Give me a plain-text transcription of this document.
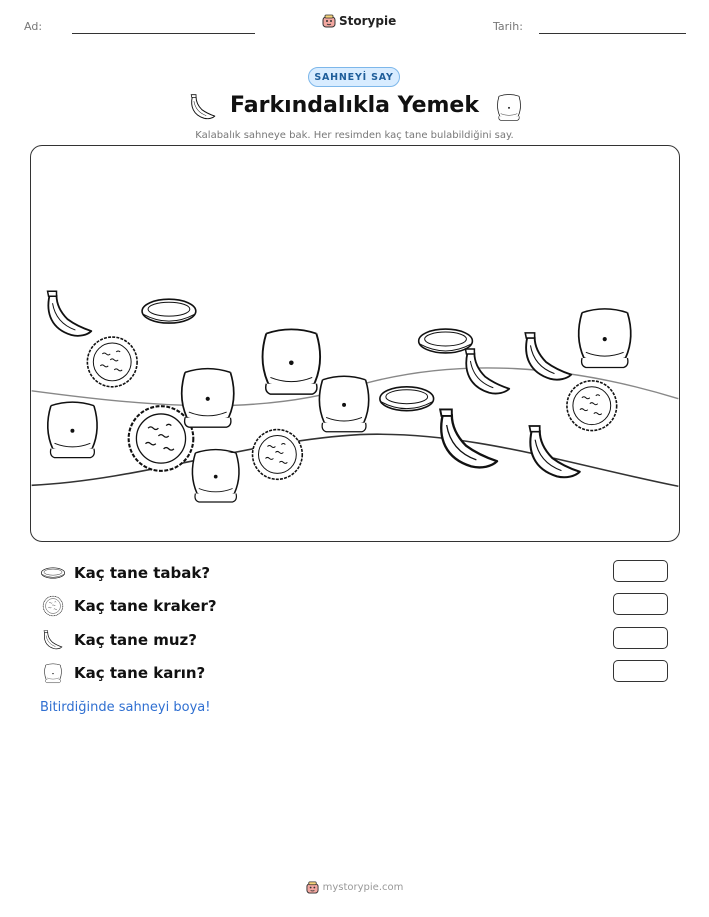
Ad:	Storypie	Tarih:
SAHNEYİ SAY
Farkındalıkla Yemek
Kalabalık sahneye bak. Her resimden kaç tane bulabildiğini say.
Kaç tane tabak?
Kaç tane kraker?
Kaç tane muz?
Kaç tane karın?
Bitirdiğinde sahneyi boya!
mystorypie.com
